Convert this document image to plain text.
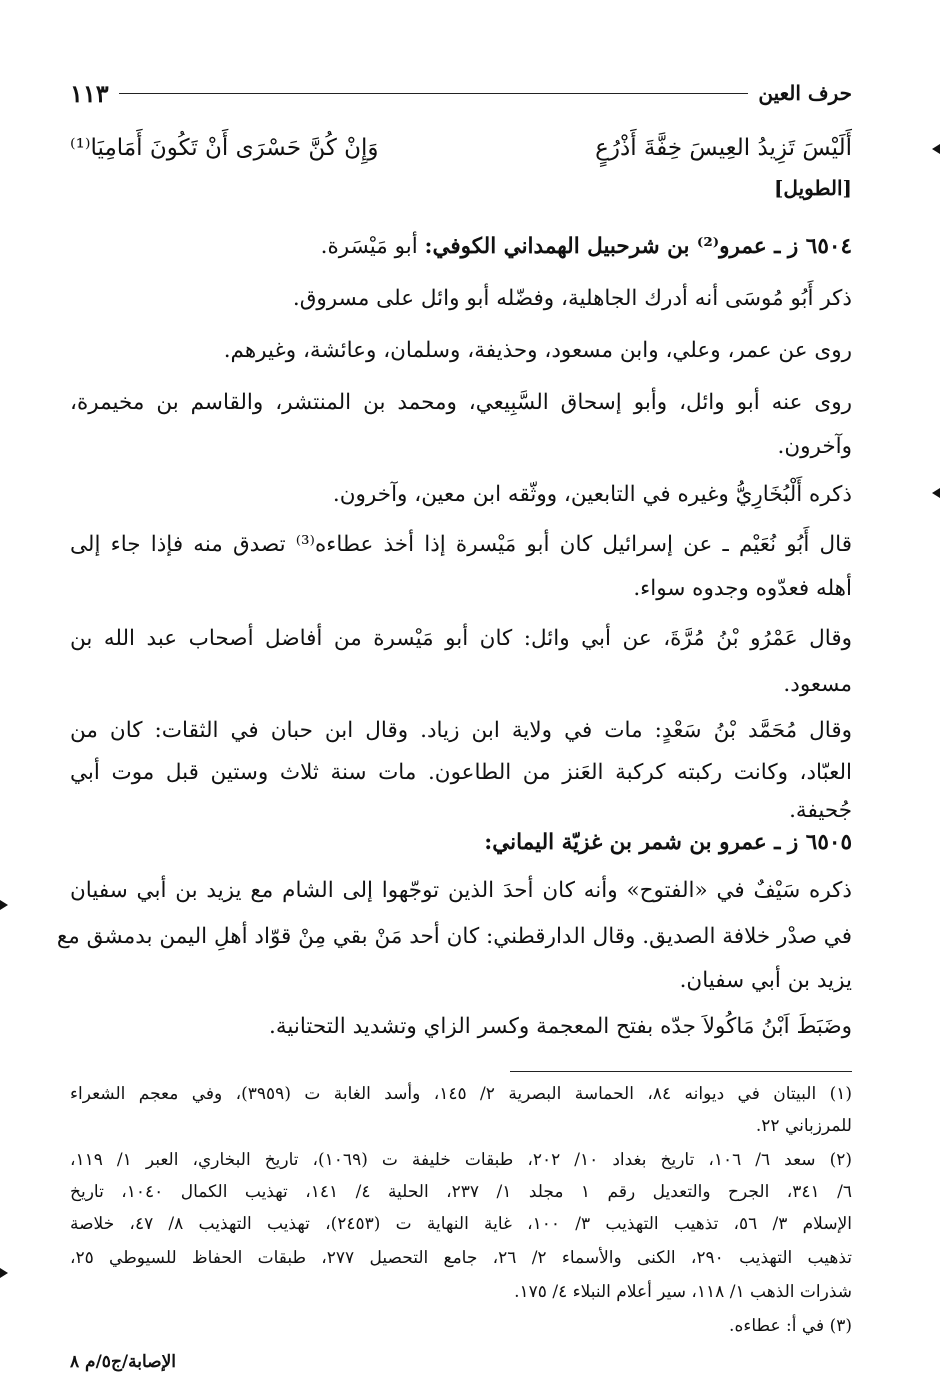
حرف العين
١١٣
أَلَيْسَ تَزِيدُ العِيسَ خِفَّةَ أَذْرُعٍ
وَإِنْ كُنَّ حَسْرَى أَنْ تَكُونَ أَمَامِيَا⁽¹⁾
[الطويل]
٦٥٠٤ ز ـ عمرو⁽²⁾ بن شرحبيل الهمداني الكوفي: أبو مَيْسَرة.
ذكر أَبُو مُوسَى أنه أدرك الجاهلية، وفضّله أبو وائل على مسروق.
روى عن عمر، وعلي، وابن مسعود، وحذيفة، وسلمان، وعائشة، وغيرهم.
روى عنه أبو وائل، وأبو إسحاق السَّبِيعي، ومحمد بن المنتشر، والقاسم بن مخيمرة،
وآخرون.
ذكره أَلْبُخَارِيُّ وغيره في التابعين، ووثّقه ابن معين، وآخرون.
قال أَبُو نُعَيْم ـ عن إسرائيل كان أبو مَيْسرة إذا أخذ عطاءه⁽³⁾ تصدق منه فإذا جاء إلى
أهله فعدّوه وجدوه سواء.
وقال عَمْرُو بْنُ مُرَّةَ، عن أبي وائل: كان أبو مَيْسرة من أفاضل أصحاب عبد الله بن
مسعود.
وقال مُحَمَّد بْنُ سَعْدٍ: مات في ولاية ابن زياد. وقال ابن حبان في الثقات: كان من
العبّاد، وكانت ركبته كركبة العَنز من الطاعون. مات سنة ثلاث وستين قبل موت أبي
جُحيفة.
٦٥٠٥ ز ـ عمرو بن شمر بن غزيّة اليماني:
ذكره سَيْفٌ في «الفتوح» وأنه كان أحدَ الذين توجّهوا إلى الشام مع يزيد بن أبي سفيان
في صدْر خلافة الصديق. وقال الدارقطني: كان أحد مَنْ بقي مِنْ قوّاد أهلِ اليمن بدمشق مع
يزيد بن أبي سفيان.
وضَبَطَ اَبْنُ مَاكُولاَ جدّه بفتح المعجمة وكسر الزاي وتشديد التحتانية.
(١) البيتان في ديوانه ٨٤، الحماسة البصرية ٢/ ١٤٥، وأسد الغابة ت (٣٩٥٩)، وفي معجم الشعراء
للمرزباني ٢٢.
(٢) سعد ٦/ ١٠٦، تاريخ بغداد ١٠/ ٢٠٢، طبقات خليفة ت (١٠٦٩)، تاريخ البخاري، العبر ١/ ١١٩،
٦/ ٣٤١، الجرح والتعديل رقم ١ مجلد ١/ ٢٣٧، الحلية ٤/ ١٤١، تهذيب الكمال ١٠٤٠، تاريخ
الإسلام ٣/ ٥٦، تذهيب التهذيب ٣/ ١٠٠، غاية النهاية ت (٢٤٥٣)، تهذيب التهذيب ٨/ ٤٧، خلاصة
تذهيب التهذيب ٢٩٠، الكنى والأسماء ٢/ ٢٦، جامع التحصيل ٢٧٧، طبقات الحفاظ للسيوطي ٢٥،
شذرات الذهب ١/ ١١٨، سير أعلام النبلاء ٤/ ١٧٥.
(٣) في أ: عطاءه.
الإصابة/ج٥/م ٨
